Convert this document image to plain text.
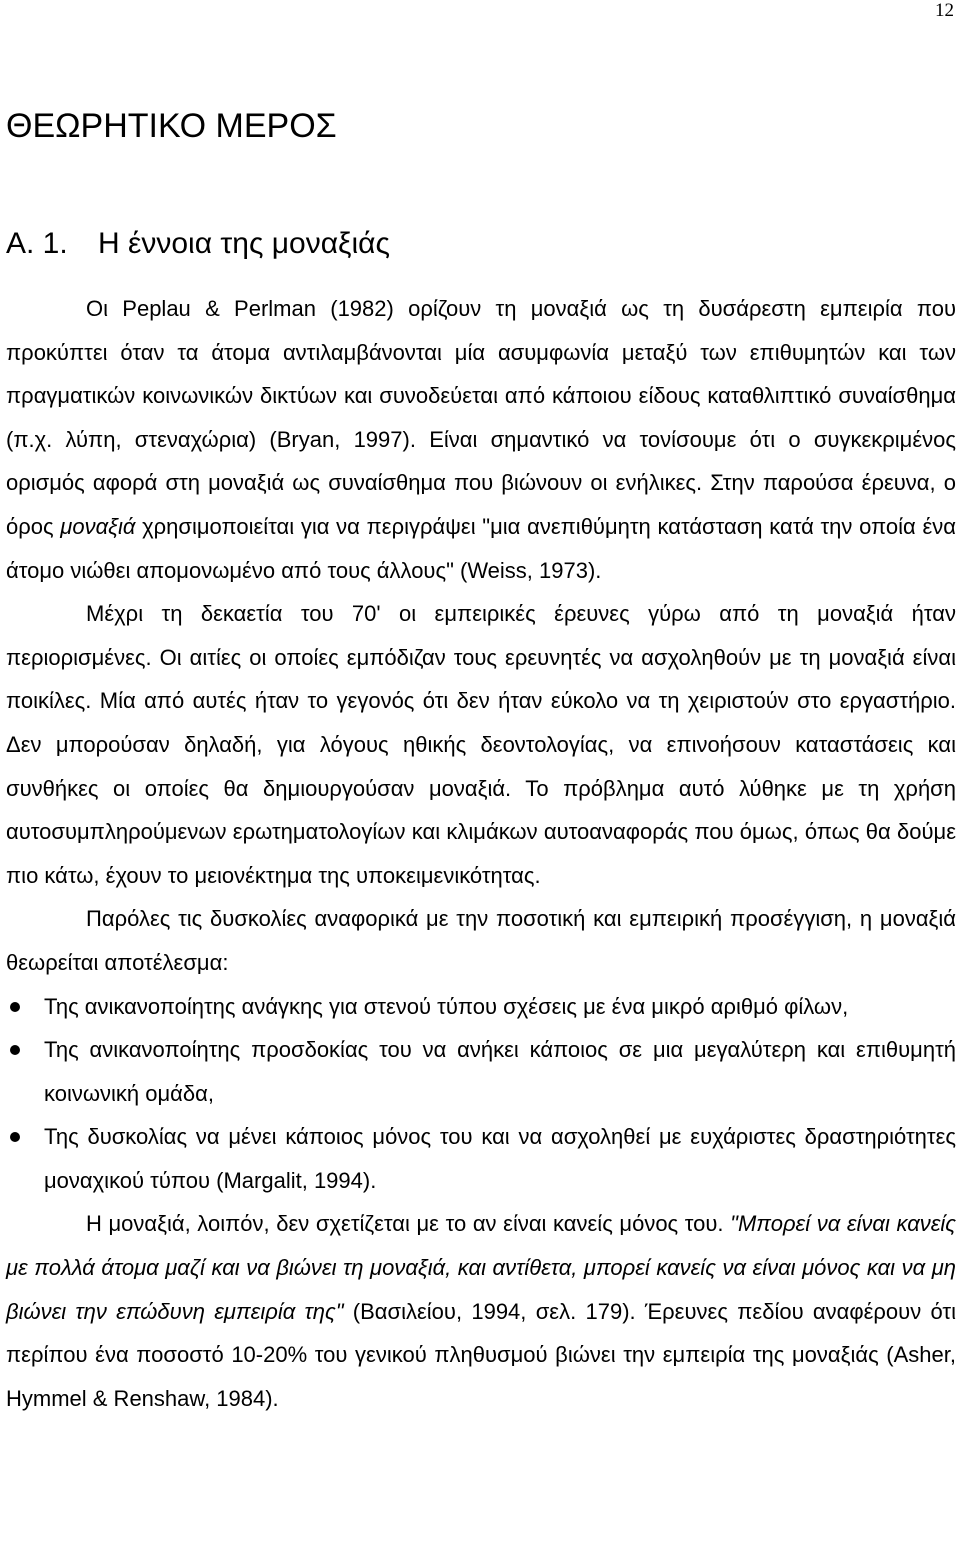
12
ΘΕΩΡΗΤΙΚΟ ΜΕΡΟΣ
Α. 1. Η έννοια της μοναξιάς

Οι Peplau & Perlman (1982) ορίζουν τη μοναξιά ως τη δυσάρεστη εμπειρία που προκύπτει όταν τα άτομα αντιλαμβάνονται μία ασυμφωνία μεταξύ των επιθυμητών και των πραγματικών κοινωνικών δικτύων και συνοδεύεται από κάποιου είδους καταθλιπτικό συναίσθημα (π.χ. λύπη, στεναχώρια) (Bryan, 1997). Είναι σημαντικό να τονίσουμε ότι ο συγκεκριμένος ορισμός αφορά στη μοναξιά ως συναίσθημα που βιώνουν οι ενήλικες. Στην παρούσα έρευνα, ο όρος μοναξιά χρησιμοποιείται για να περιγράψει "μια ανεπιθύμητη κατάσταση κατά την οποία ένα άτομο νιώθει απομονωμένο από τους άλλους" (Weiss, 1973).

Μέχρι τη δεκαετία του 70' οι εμπειρικές έρευνες γύρω από τη μοναξιά ήταν περιορισμένες. Οι αιτίες οι οποίες εμπόδιζαν τους ερευνητές να ασχοληθούν με τη μοναξιά είναι ποικίλες. Μία από αυτές ήταν το γεγονός ότι δεν ήταν εύκολο να τη χειριστούν στο εργαστήριο. Δεν μπορούσαν δηλαδή, για λόγους ηθικής δεοντολογίας, να επινοήσουν καταστάσεις και συνθήκες οι οποίες θα δημιουργούσαν μοναξιά. Το πρόβλημα αυτό λύθηκε με τη χρήση αυτοσυμπληρούμενων ερωτηματολογίων και κλιμάκων αυτοαναφοράς που όμως, όπως θα δούμε πιο κάτω, έχουν το μειονέκτημα της υποκειμενικότητας.

Παρόλες τις δυσκολίες αναφορικά με την ποσοτική και εμπειρική προσέγγιση, η μοναξιά θεωρείται αποτέλεσμα:

Της ανικανοποίητης ανάγκης για στενού τύπου σχέσεις με ένα μικρό αριθμό φίλων,
Της ανικανοποίητης προσδοκίας του να ανήκει κάποιος σε μια μεγαλύτερη και επιθυμητή κοινωνική ομάδα,
Της δυσκολίας να μένει κάποιος μόνος του και να ασχοληθεί με ευχάριστες δραστηριότητες μοναχικού τύπου (Margalit, 1994).

Η μοναξιά, λοιπόν, δεν σχετίζεται με το αν είναι κανείς μόνος του. "Μπορεί να είναι κανείς με πολλά άτομα μαζί και να βιώνει τη μοναξιά, και αντίθετα, μπορεί κανείς να είναι μόνος και να μη βιώνει την επώδυνη εμπειρία της" (Βασιλείου, 1994, σελ. 179). Έρευνες πεδίου αναφέρουν ότι περίπου ένα ποσοστό 10-20% του γενικού πληθυσμού βιώνει την εμπειρία της μοναξιάς (Asher, Hymmel & Renshaw, 1984).
